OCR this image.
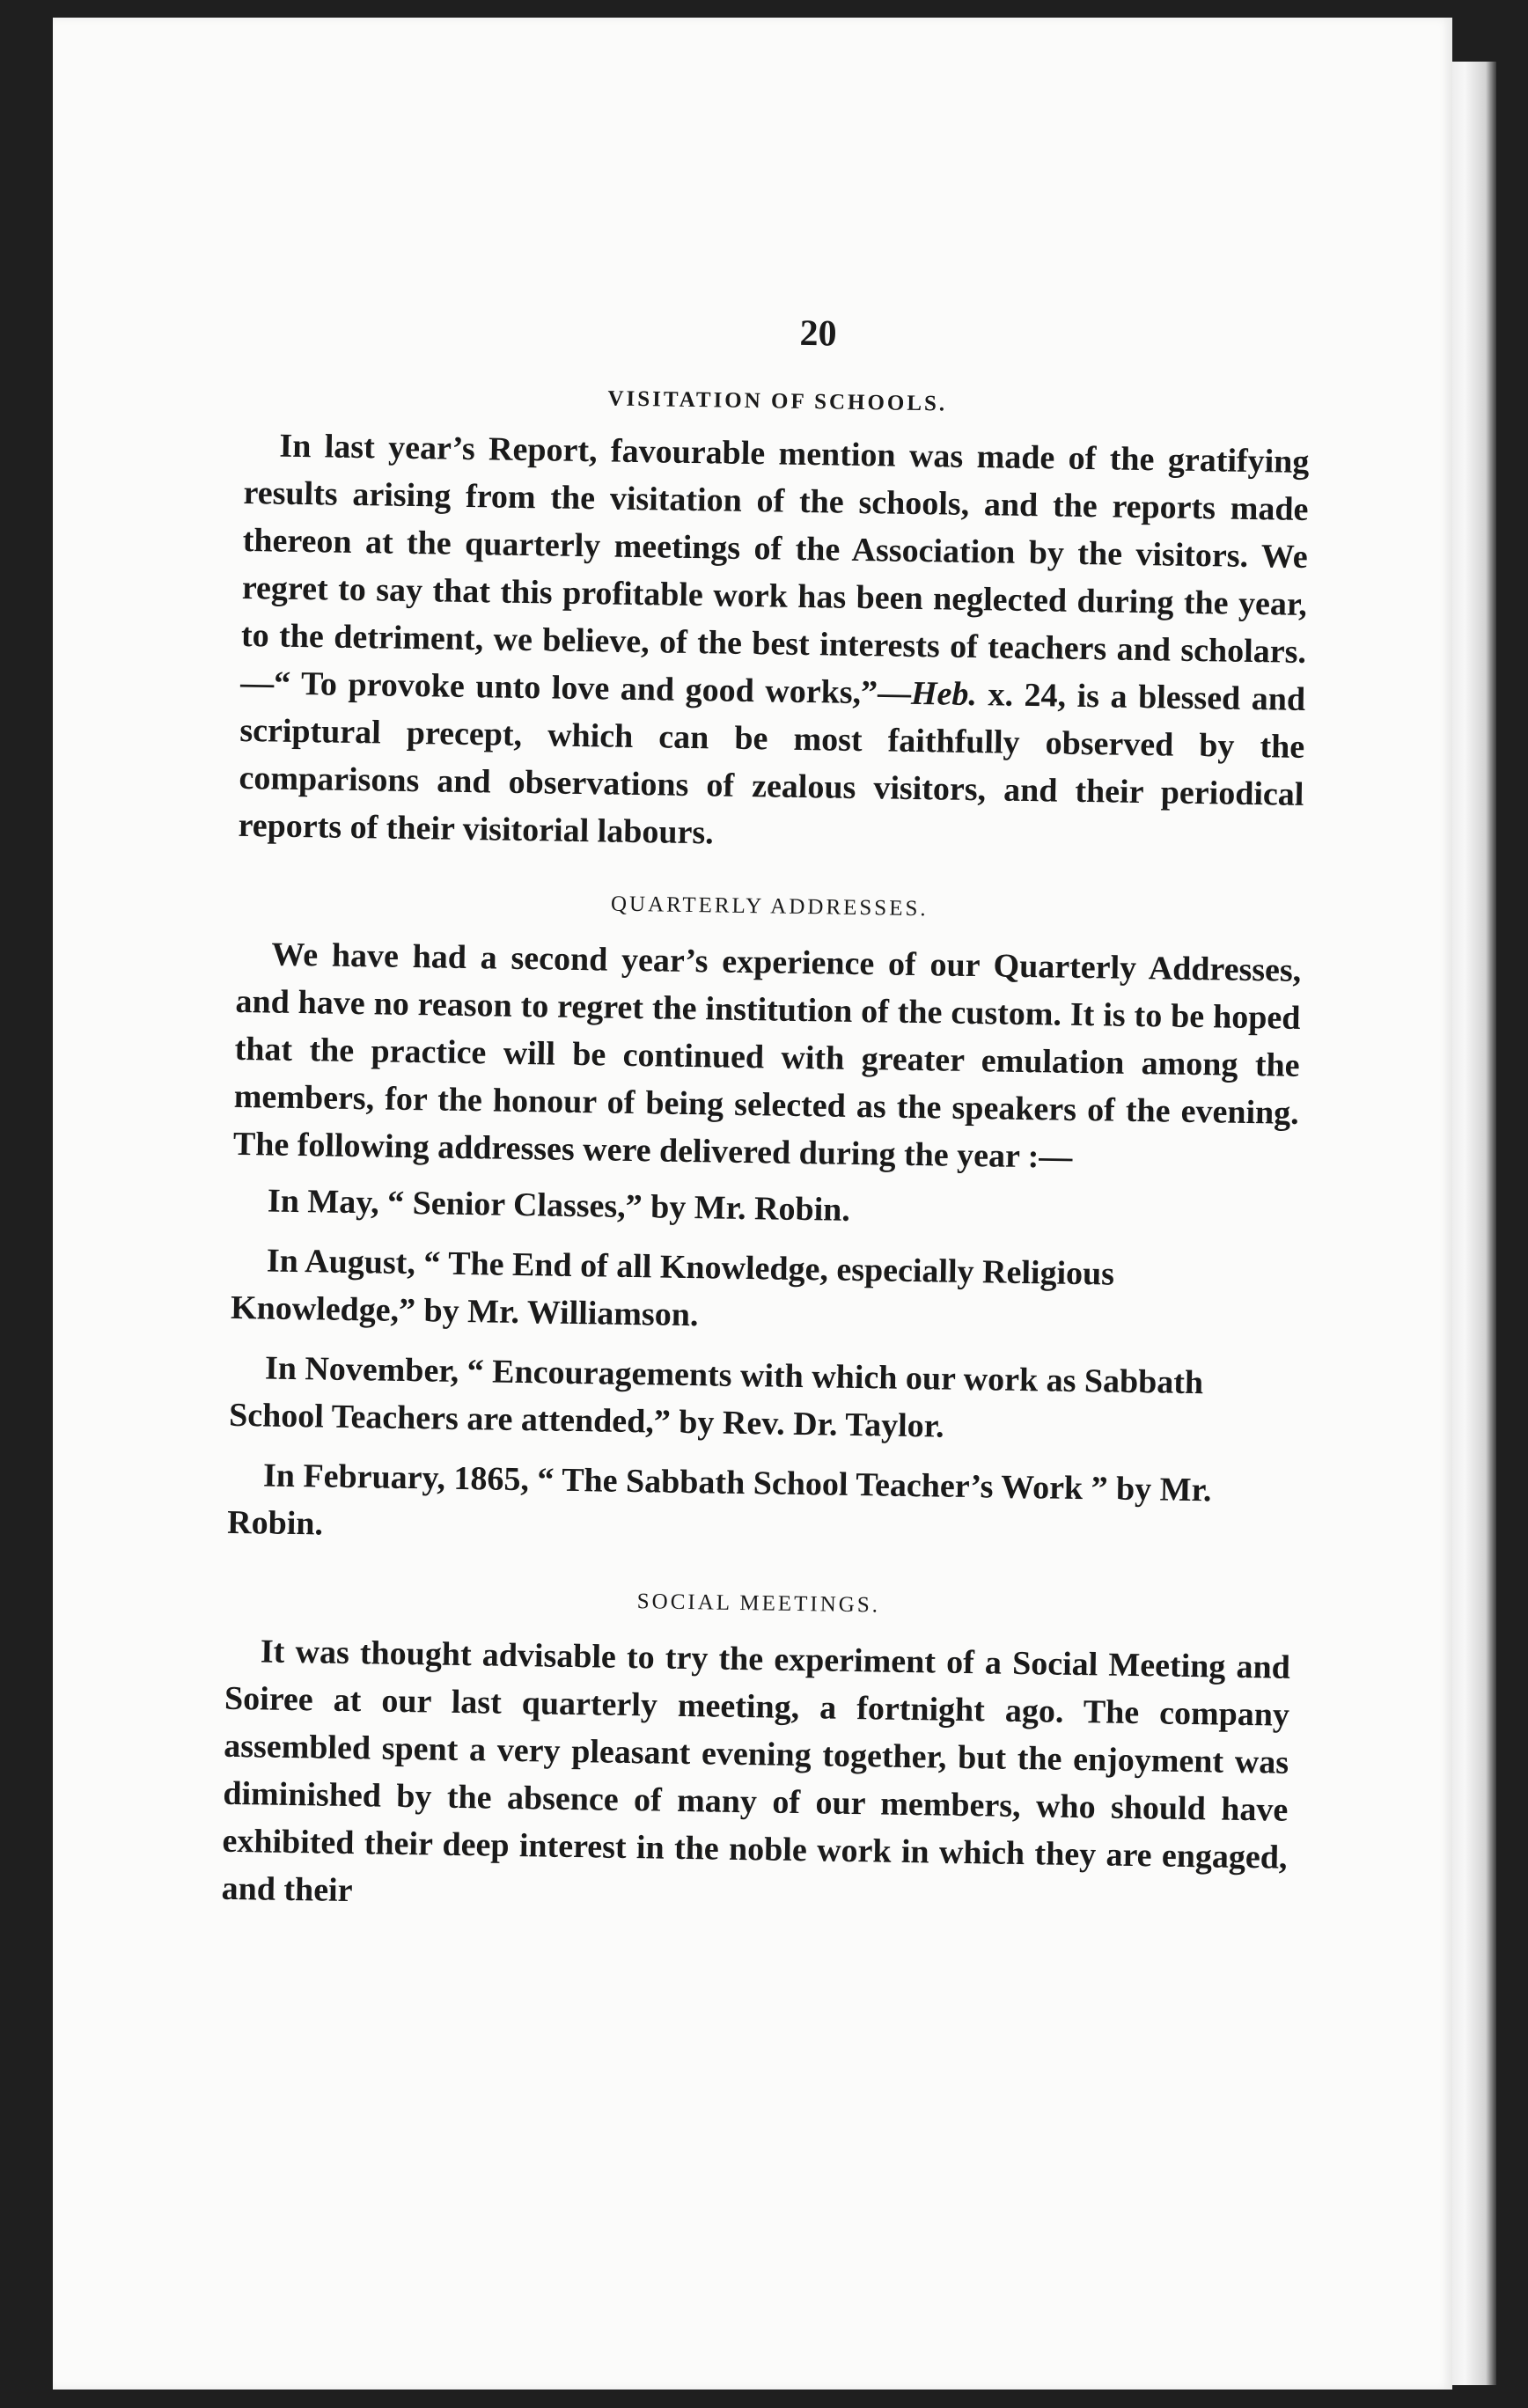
20
VISITATION OF SCHOOLS.

In last year’s Report, favourable mention was made of the gratifying results arising from the visitation of the schools, and the reports made thereon at the quarterly meetings of the Association by the visitors. We regret to say that this profitable work has been neglected during the year, to the detriment, we believe, of the best interests of teachers and scholars.—“ To provoke unto love and good works,”—Heb. x. 24, is a blessed and scriptural precept, which can be most faithfully observed by the comparisons and observations of zealous visitors, and their periodical reports of their visitorial labours.

QUARTERLY ADDRESSES.

We have had a second year’s experience of our Quarterly Addresses, and have no reason to regret the institution of the custom. It is to be hoped that the practice will be continued with greater emulation among the members, for the honour of being selected as the speakers of the evening. The following addresses were delivered during the year :—

In May, “ Senior Classes,” by Mr. Robin.

In August, “ The End of all Knowledge, especially Religious Knowledge,” by Mr. Williamson.

In November, “ Encouragements with which our work as Sabbath School Teachers are attended,” by Rev. Dr. Taylor.

In February, 1865, “ The Sabbath School Teacher’s Work ” by Mr. Robin.

SOCIAL MEETINGS.

It was thought advisable to try the experiment of a Social Meeting and Soiree at our last quarterly meeting, a fortnight ago. The company assembled spent a very pleasant evening together, but the enjoyment was diminished by the absence of many of our members, who should have exhibited their deep interest in the noble work in which they are engaged, and their
